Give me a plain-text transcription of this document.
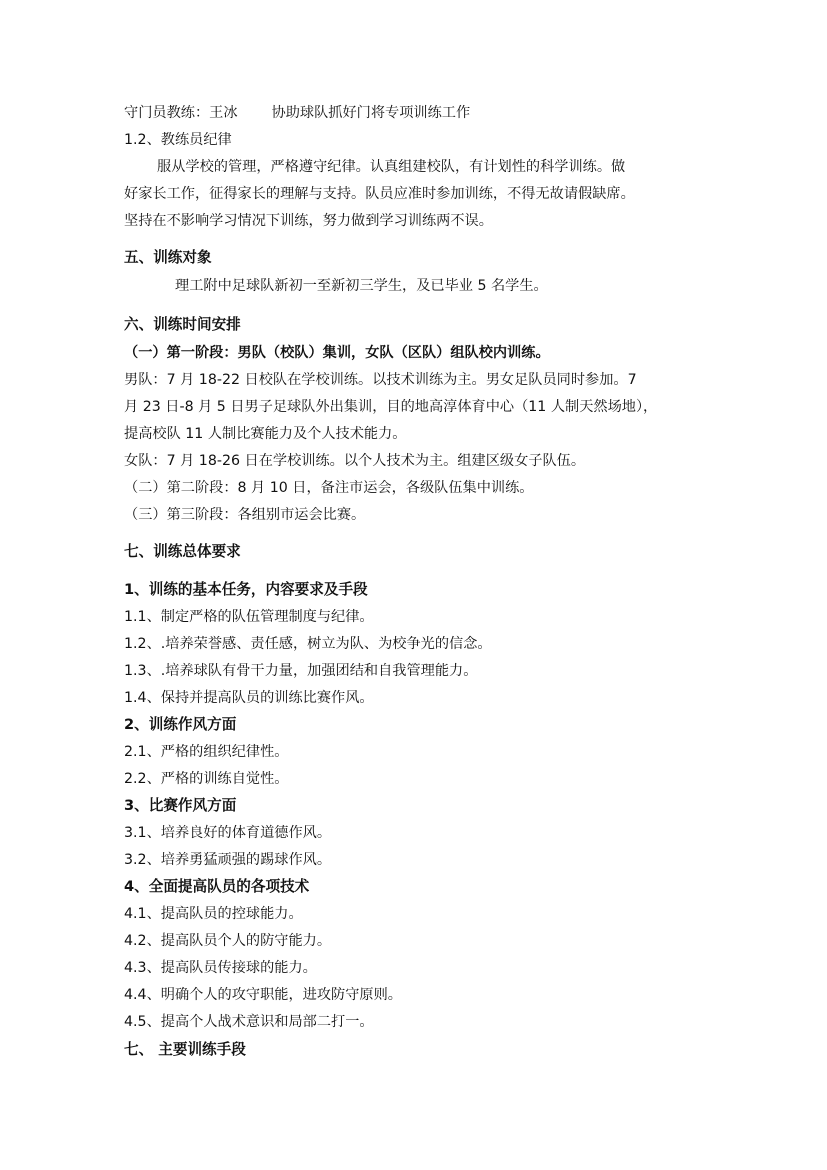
守门员教练：王冰 协助球队抓好门将专项训练工作
1.2、教练员纪律
服从学校的管理，严格遵守纪律。认真组建校队，有计划性的科学训练。做
好家长工作，征得家长的理解与支持。队员应准时参加训练，不得无故请假缺席。
坚持在不影响学习情况下训练，努力做到学习训练两不误。
五、训练对象
理工附中足球队新初一至新初三学生，及已毕业 5 名学生。
六、训练时间安排
（一）第一阶段：男队（校队）集训，女队（区队）组队校内训练。
男队：7 月 18-22 日校队在学校训练。以技术训练为主。男女足队员同时参加。7
月 23 日-8 月 5 日男子足球队外出集训，目的地高淳体育中心（11 人制天然场地），
提高校队 11 人制比赛能力及个人技术能力。
女队：7 月 18-26 日在学校训练。以个人技术为主。组建区级女子队伍。
（二）第二阶段：8 月 10 日，备注市运会，各级队伍集中训练。
（三）第三阶段：各组别市运会比赛。
七、训练总体要求
1、训练的基本任务，内容要求及手段
1.1、制定严格的队伍管理制度与纪律。
1.2、.培养荣誉感、责任感，树立为队、为校争光的信念。
1.3、.培养球队有骨干力量，加强团结和自我管理能力。
1.4、保持并提高队员的训练比赛作风。
2、训练作风方面
2.1、严格的组织纪律性。
2.2、严格的训练自觉性。
3、比赛作风方面
3.1、培养良好的体育道德作风。
3.2、培养勇猛顽强的踢球作风。
4、全面提高队员的各项技术
4.1、提高队员的控球能力。
4.2、提高队员个人的防守能力。
4.3、提高队员传接球的能力。
4.4、明确个人的攻守职能，进攻防守原则。
4.5、提高个人战术意识和局部二打一。
七、 主要训练手段
